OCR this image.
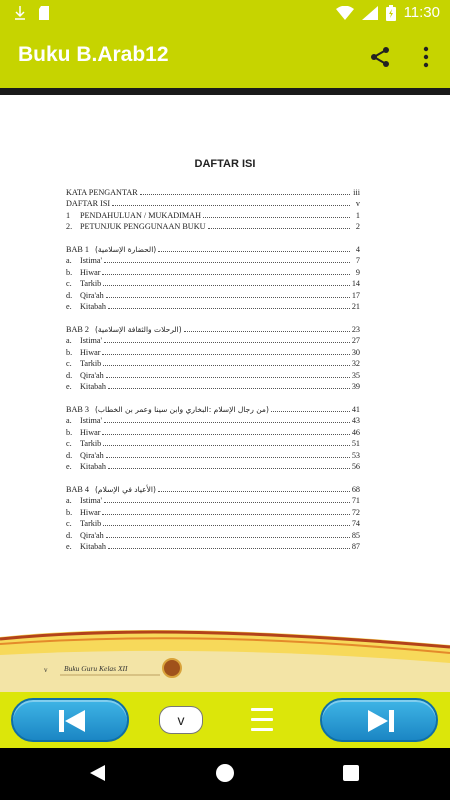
11:30
Buku B.Arab12
DAFTAR ISI
KATA PENGANTAR	iii
DAFTAR ISI	v
1	PENDAHULUAN / MUKADIMAH	1
2. PETUNJUK PENGGUNAAN BUKU	2
BAB 1 (الحضارة الإسلامية)	4
a.	Istima'	7
b. Hiwar	9
c.	Tarkib	14
d. Qira'ah	17
e.	Kitabah	21
BAB 2 (الرحلات والثقافة الإسلامية)	23
a.	Istima'	27
b. Hiwar	30
c.	Tarkib	32
d. Qira'ah	35
e.	Kitabah	39
BAB 3 (من رجال الإسلام :البخاري وابن سينا وعمر بن الخطاب)	41
a.	Istima'	43
b. Hiwar	46
c.	Tarkib	51
d. Qira'ah	53
e.	Kitabah	56
BAB 4 (الأعياد في الإسلام)	68
a.	Istima'	71
b. Hiwar	72
c.	Tarkib	74
d. Qira'ah	85
e.	Kitabah	87
v Buku Guru Kelas XII
v
